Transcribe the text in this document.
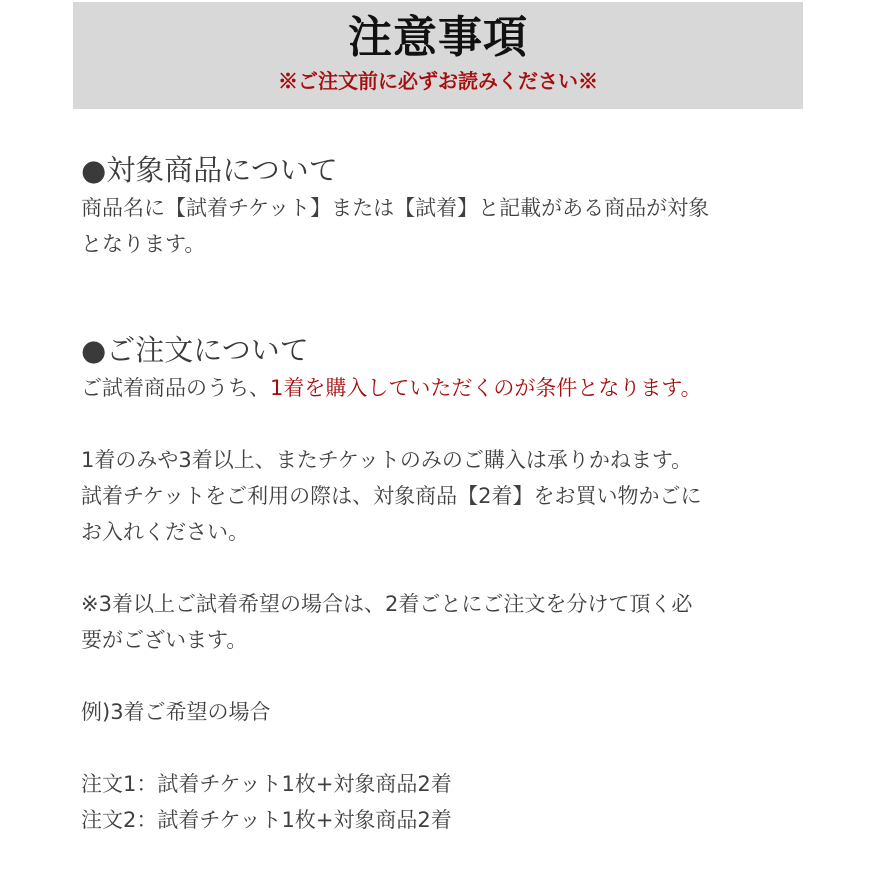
注意事項
※ご注文前に必ずお読みください※

●対象商品について

商品名に【試着チケット】または【試着】と記載がある商品が対象

となります。

●ご注文について

ご試着商品のうち、1着を購入していただくのが条件となります。

1着のみや3着以上、またチケットのみのご購入は承りかねます。

試着チケットをご利用の際は、対象商品【2着】をお買い物かごに

お入れください。

※3着以上ご試着希望の場合は、2着ごとにご注文を分けて頂く必

要がございます。

例)3着ご希望の場合

注文1：試着チケット1枚+対象商品2着

注文2：試着チケット1枚+対象商品2着
